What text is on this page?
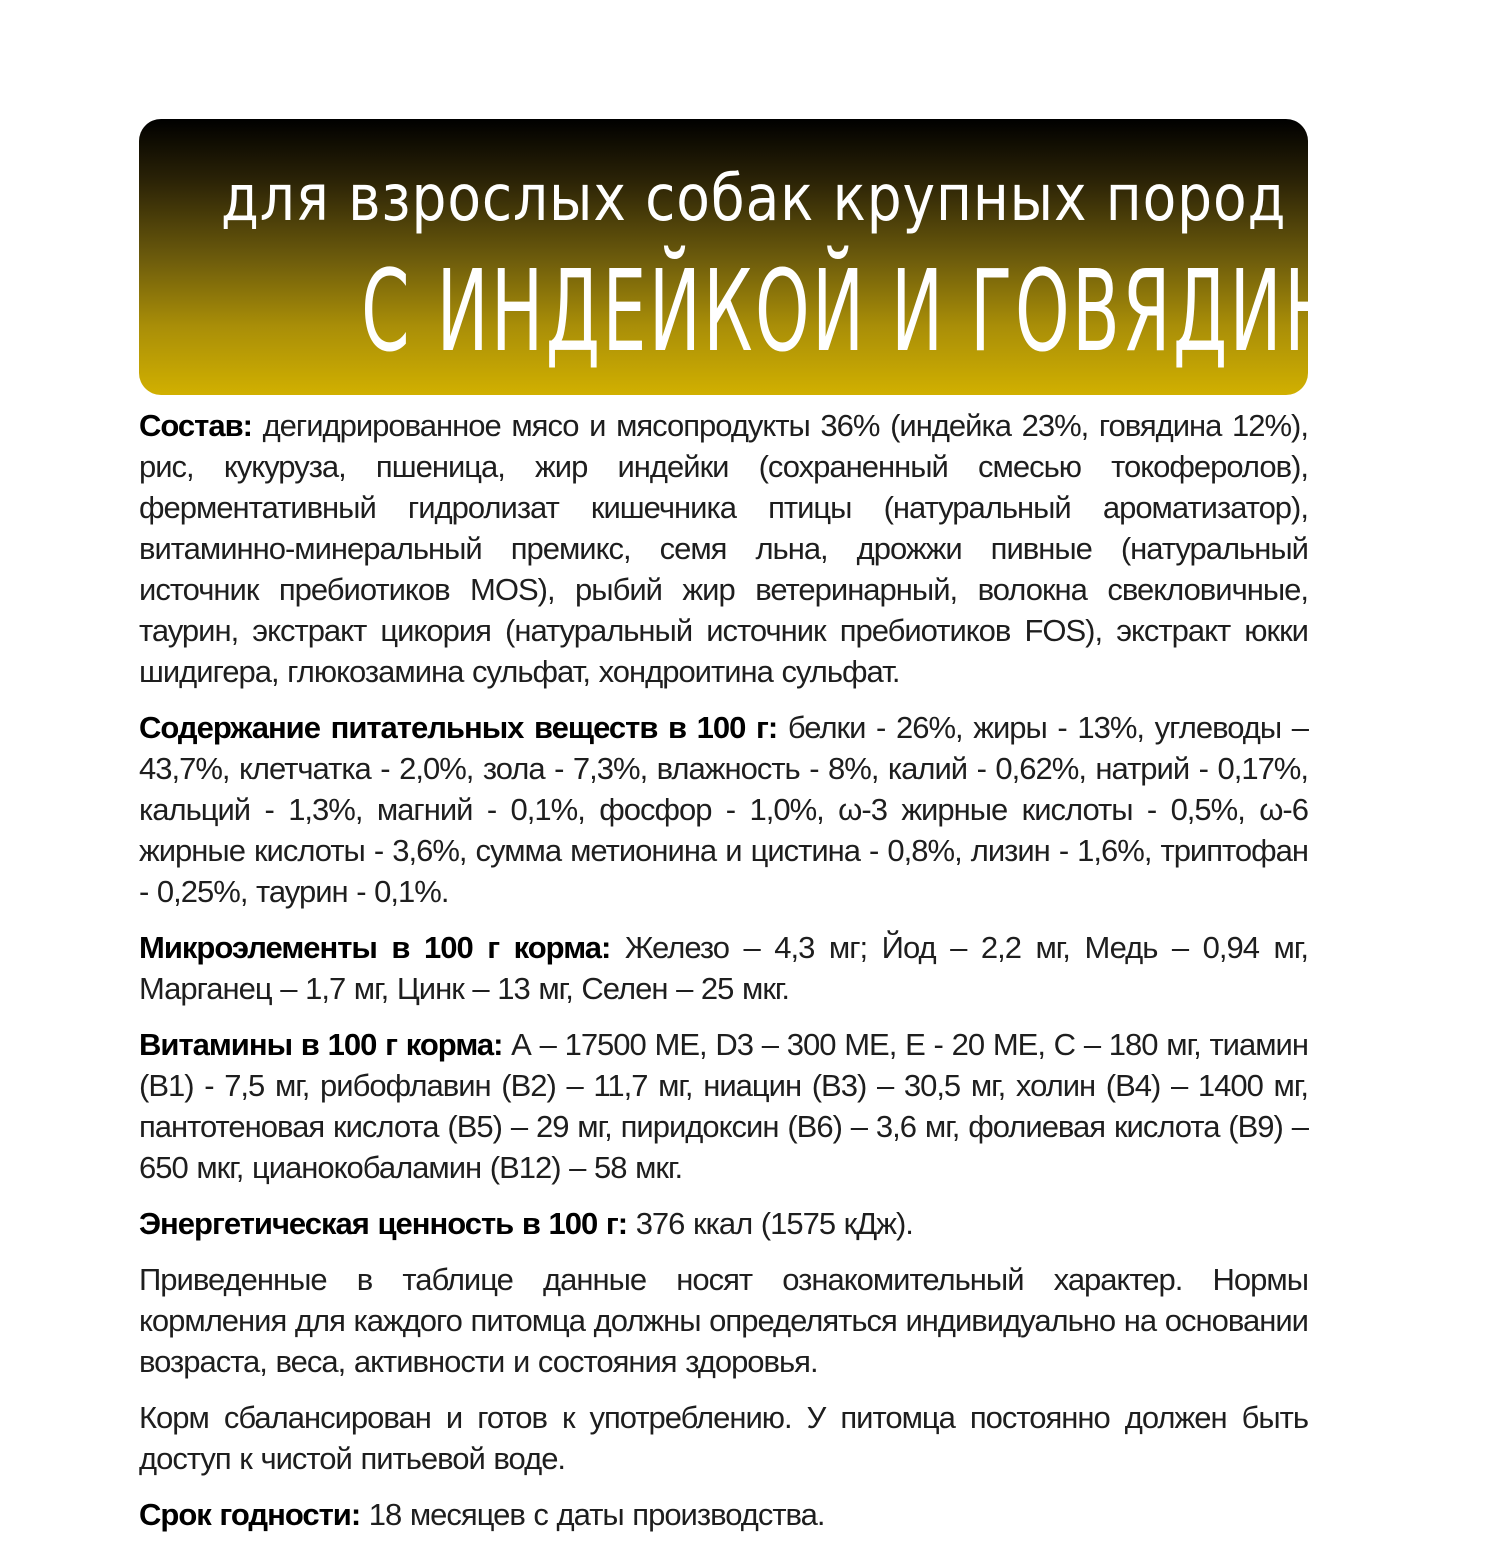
для взрослых собак крупных пород
С ИНДЕЙКОЙ И ГОВЯДИНОЙ

Состав: дегидрированное мясо и мясопродукты 36% (индейка 23%, говядина 12%), рис, кукуруза, пшеница, жир индейки (сохраненный смесью токоферолов), ферментативный гидролизат кишечника птицы (натуральный ароматизатор), витаминно-минеральный премикс, семя льна, дрожжи пивные (натуральный источник пребиотиков MOS), рыбий жир ветеринарный, волокна свекловичные, таурин, экстракт цикория (натуральный источник пребиотиков FOS), экстракт юкки шидигера, глюкозамина сульфат, хондроитина сульфат.

Содержание питательных веществ в 100 г: белки - 26%, жиры - 13%, углеводы – 43,7%, клетчатка - 2,0%, зола - 7,3%, влажность - 8%, калий - 0,62%, натрий - 0,17%, кальций - 1,3%, магний - 0,1%, фосфор - 1,0%, ω-3 жирные кислоты - 0,5%, ω-6 жирные кислоты - 3,6%, сумма метионина и цистина - 0,8%, лизин - 1,6%, триптофан - 0,25%, таурин - 0,1%.

Микроэлементы в 100 г корма: Железо – 4,3 мг; Йод – 2,2 мг, Медь – 0,94 мг, Марганец – 1,7 мг, Цинк – 13 мг, Селен – 25 мкг.

Витамины в 100 г корма: А – 17500 МЕ, D3 – 300 МЕ, Е - 20 МЕ, С – 180 мг, тиамин (В1) - 7,5 мг, рибофлавин (В2) – 11,7 мг, ниацин (В3) – 30,5 мг, холин (В4) – 1400 мг, пантотеновая кислота (В5) – 29 мг, пиридоксин (В6) – 3,6 мг, фолиевая кислота (В9) – 650 мкг, цианокобаламин (В12) – 58 мкг.

Энергетическая ценность в 100 г: 376 ккал (1575 кДж).

Приведенные в таблице данные носят ознакомительный характер. Нормы кормления для каждого питомца должны определяться индивидуально на основании возраста, веса, активности и состояния здоровья.

Корм сбалансирован и готов к употреблению. У питомца постоянно должен быть доступ к чистой питьевой воде.

Срок годности: 18 месяцев с даты производства.
